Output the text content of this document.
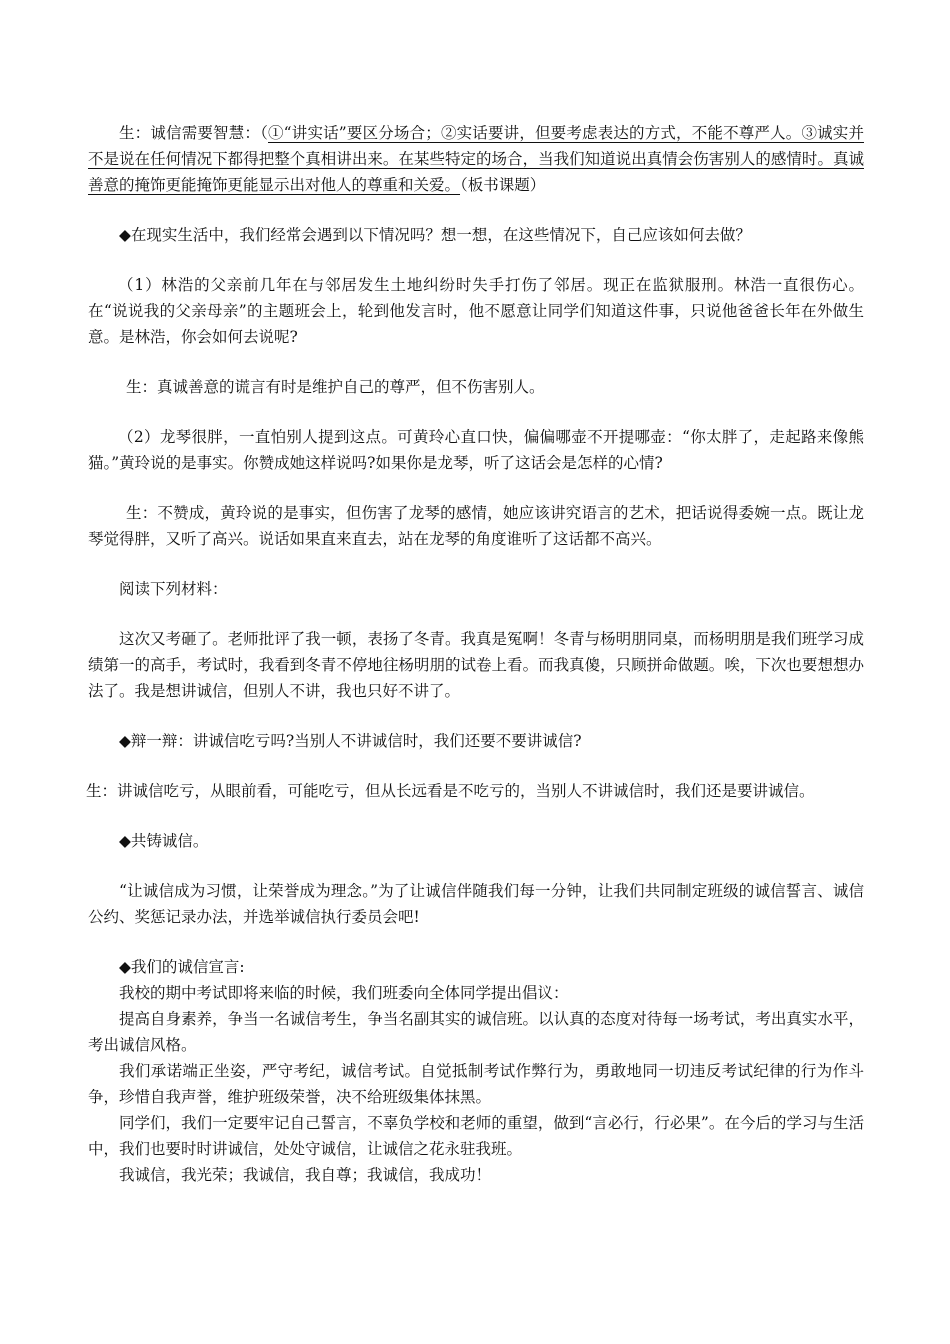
生：诚信需要智慧：（①“讲实话”要区分场合；②实话要讲，但要考虑表达的方式，不能不尊严人。③诚实并不是说在任何情况下都得把整个真相讲出来。在某些特定的场合，当我们知道说出真情会伤害别人的感情时。真诚善意的掩饰更能掩饰更能显示出对他人的尊重和关爱。（板书课题）

◆在现实生活中，我们经常会遇到以下情况吗？想一想，在这些情况下，自己应该如何去做？

（1）林浩的父亲前几年在与邻居发生土地纠纷时失手打伤了邻居。现正在监狱服刑。林浩一直很伤心。在“说说我的父亲母亲”的主题班会上，轮到他发言时，他不愿意让同学们知道这件事，只说他爸爸长年在外做生意。是林浩，你会如何去说呢?

生：真诚善意的谎言有时是维护自己的尊严，但不伤害别人。

（2）龙琴很胖，一直怕别人提到这点。可黄玲心直口快，偏偏哪壶不开提哪壶：“你太胖了，走起路来像熊猫。”黄玲说的是事实。你赞成她这样说吗?如果你是龙琴，听了这话会是怎样的心情?

生：不赞成，黄玲说的是事实，但伤害了龙琴的感情，她应该讲究语言的艺术，把话说得委婉一点。既让龙琴觉得胖，又听了高兴。说话如果直来直去，站在龙琴的角度谁听了这话都不高兴。

阅读下列材料：

这次又考砸了。老师批评了我一顿，表扬了冬青。我真是冤啊！冬青与杨明朋同桌，而杨明朋是我们班学习成绩第一的高手，考试时，我看到冬青不停地往杨明朋的试卷上看。而我真傻，只顾拼命做题。唉，下次也要想想办法了。我是想讲诚信，但别人不讲，我也只好不讲了。

◆辩一辩：讲诚信吃亏吗?当别人不讲诚信时，我们还要不要讲诚信?

生：讲诚信吃亏，从眼前看，可能吃亏，但从长远看是不吃亏的，当别人不讲诚信时，我们还是要讲诚信。

◆共铸诚信。

“让诚信成为习惯，让荣誉成为理念。”为了让诚信伴随我们每一分钟，让我们共同制定班级的诚信誓言、诚信公约、奖惩记录办法，并选举诚信执行委员会吧!

◆我们的诚信宣言:

我校的期中考试即将来临的时候，我们班委向全体同学提出倡议：

提高自身素养，争当一名诚信考生，争当名副其实的诚信班。以认真的态度对待每一场考试，考出真实水平，考出诚信风格。

我们承诺端正坐姿，严守考纪，诚信考试。自觉抵制考试作弊行为，勇敢地同一切违反考试纪律的行为作斗争，珍惜自我声誉，维护班级荣誉，决不给班级集体抹黑。

同学们，我们一定要牢记自己誓言，不辜负学校和老师的重望，做到“言必行，行必果”。在今后的学习与生活中，我们也要时时讲诚信，处处守诚信，让诚信之花永驻我班。

我诚信，我光荣；我诚信，我自尊；我诚信，我成功！
